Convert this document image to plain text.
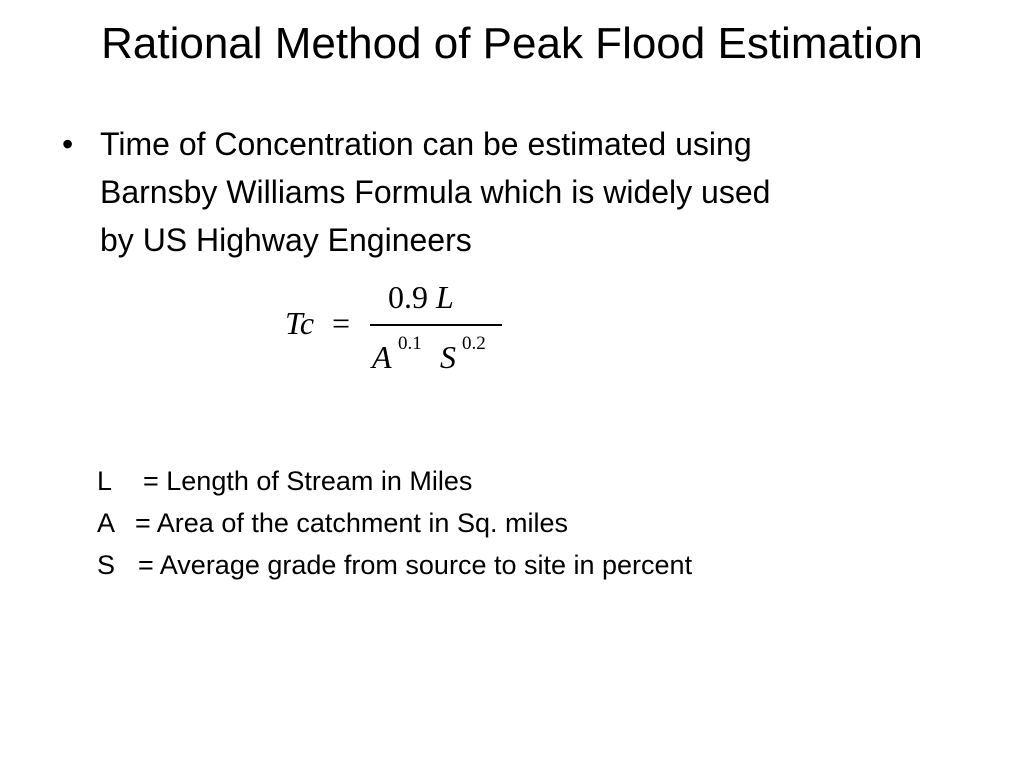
Rational Method of Peak Flood Estimation
• Time of Concentration can be estimated using
Barnsby Williams Formula which is widely used
by US Highway Engineers
Tc =
0.9 L
A 0.1 S 0.2
L = Length of Stream in Miles
A = Area of the catchment in Sq. miles
S = Average grade from source to site in percent
